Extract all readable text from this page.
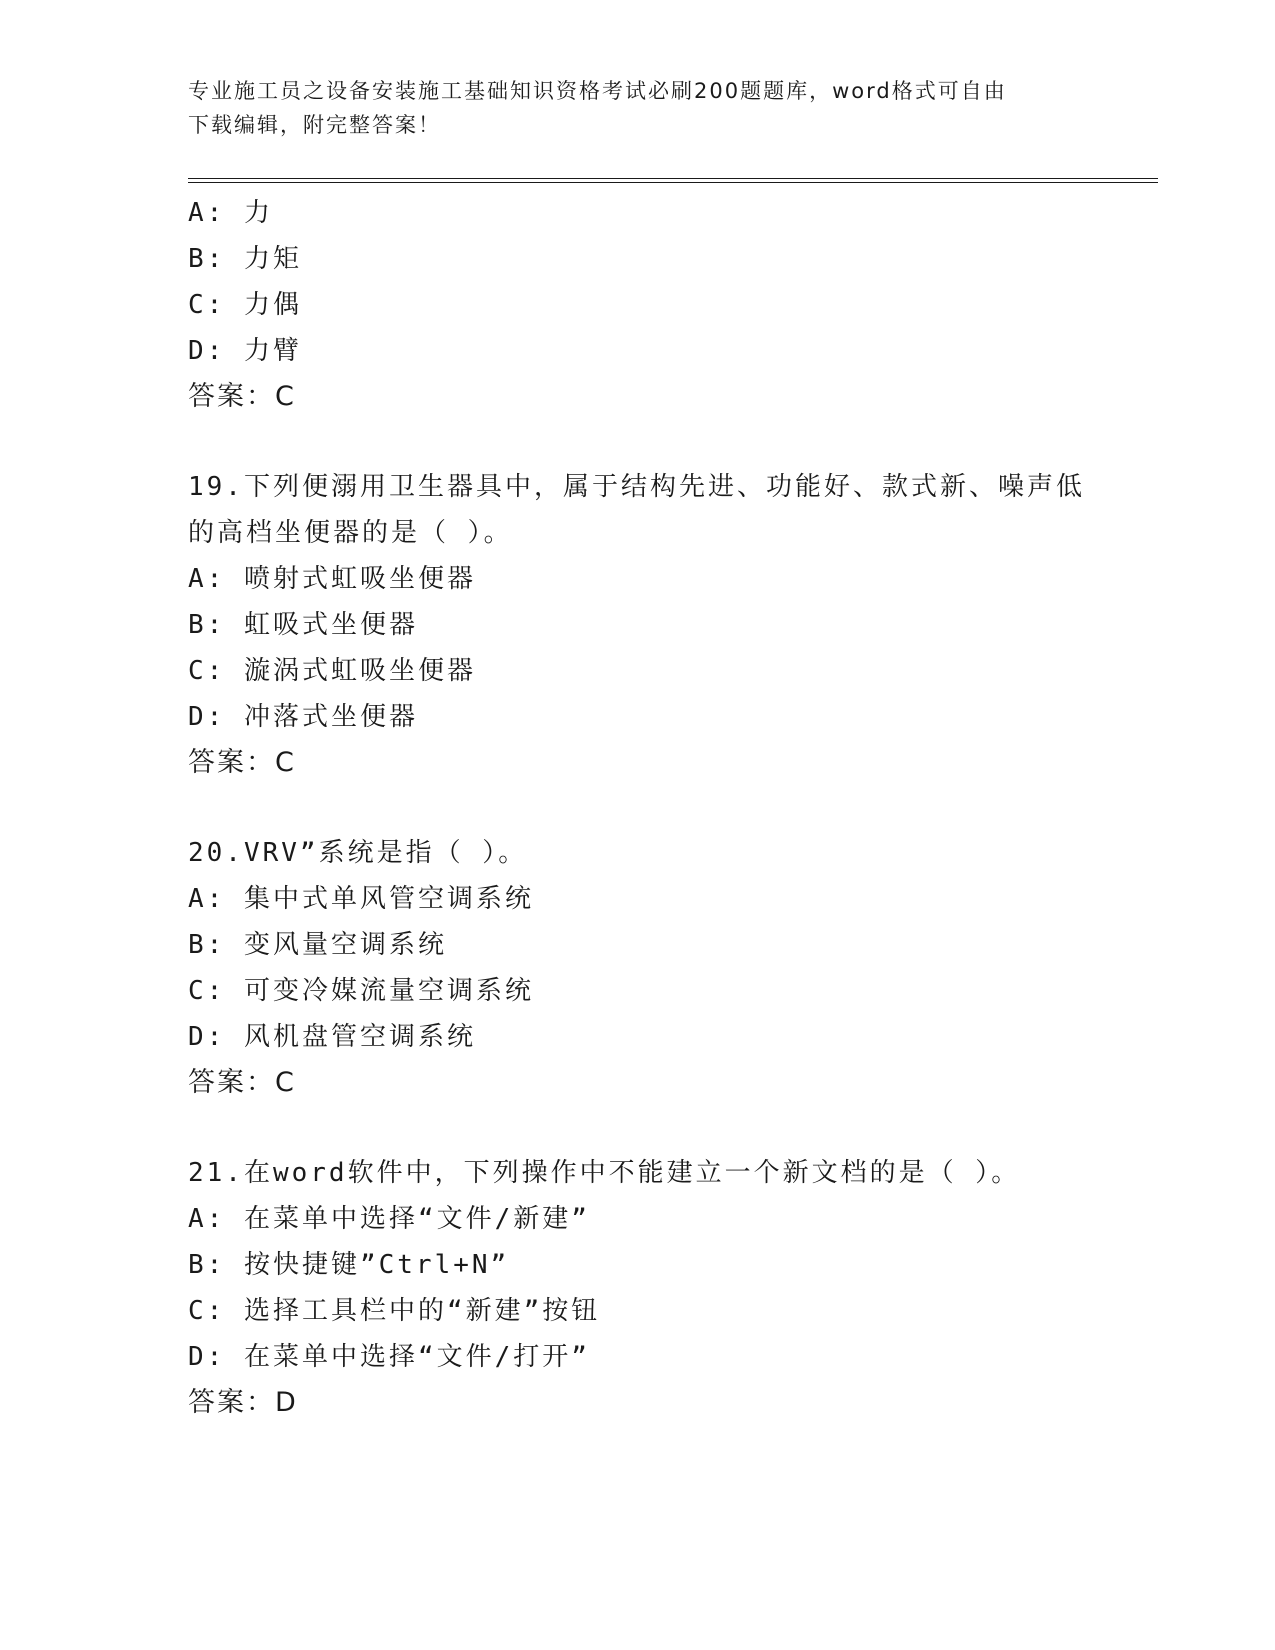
专业施工员之设备安装施工基础知识资格考试必刷200题题库，word格式可自由
下载编辑，附完整答案！
A: 力
B: 力矩
C: 力偶
D: 力臂
答案：C
19.下列便溺用卫生器具中，属于结构先进、功能好、款式新、噪声低
的高档坐便器的是（ ）。
A: 喷射式虹吸坐便器
B: 虹吸式坐便器
C: 漩涡式虹吸坐便器
D: 冲落式坐便器
答案：C
20.VRV”系统是指（ ）。
A: 集中式单风管空调系统
B: 变风量空调系统
C: 可变冷媒流量空调系统
D: 风机盘管空调系统
答案：C
21.在word软件中，下列操作中不能建立一个新文档的是（ ）。
A: 在菜单中选择“文件/新建”
B: 按快捷键”Ctrl+N”
C: 选择工具栏中的“新建”按钮
D: 在菜单中选择“文件/打开”
答案：D
